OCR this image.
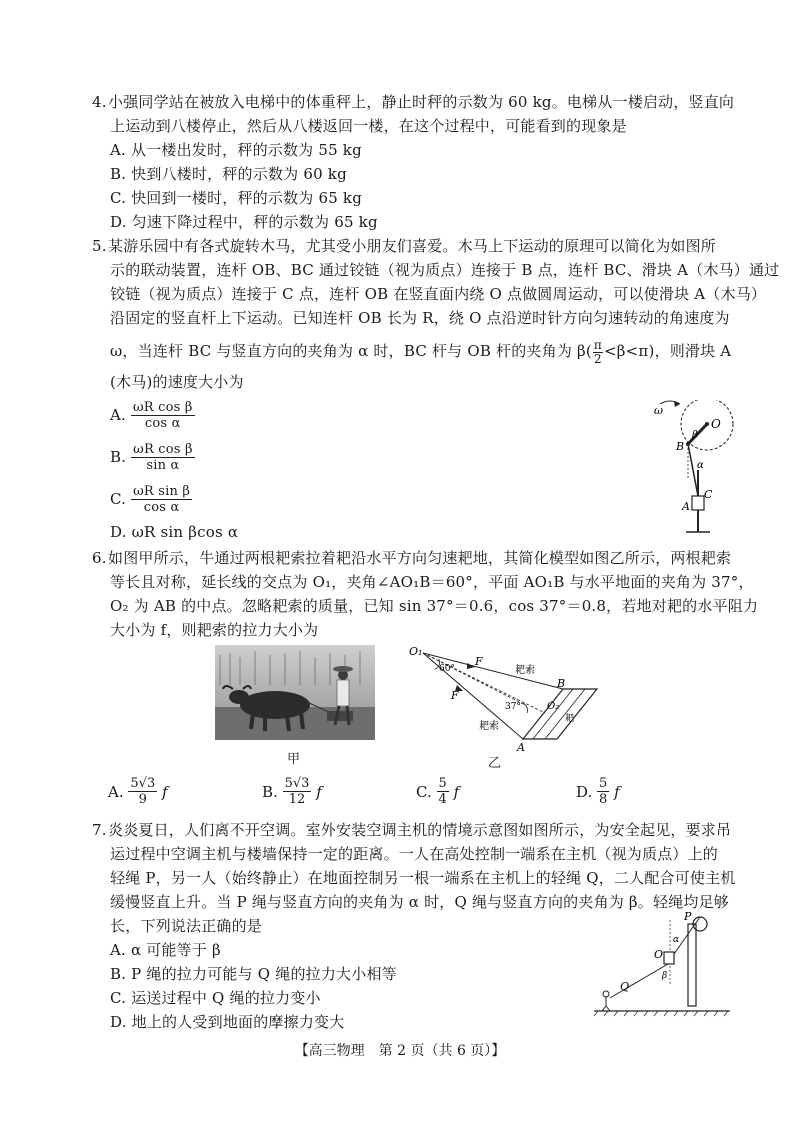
4.小强同学站在被放入电梯中的体重秤上，静止时秤的示数为 60 kg。电梯从一楼启动，竖直向
上运动到八楼停止，然后从八楼返回一楼，在这个过程中，可能看到的现象是
A. 从一楼出发时，秤的示数为 55 kg
B. 快到八楼时，秤的示数为 60 kg
C. 快回到一楼时，秤的示数为 65 kg
D. 匀速下降过程中，秤的示数为 65 kg
5.某游乐园中有各式旋转木马，尤其受小朋友们喜爱。木马上下运动的原理可以简化为如图所
示的联动装置，连杆 OB、BC 通过铰链（视为质点）连接于 B 点，连杆 BC、滑块 A（木马）通过
铰链（视为质点）连接于 C 点，连杆 OB 在竖直面内绕 O 点做圆周运动，可以使滑块 A（木马）
沿固定的竖直杆上下运动。已知连杆 OB 长为 R，绕 O 点沿逆时针方向匀速转动的角速度为
ω，当连杆 BC 与竖直方向的夹角为 α 时，BC 杆与 OB 杆的夹角为 $\beta( \frac{\pi}{2} <\beta<\pi)$，则滑块 A
(木马)的速度大小为
A. $\frac{\text{ωR cos β}}{\text{cos α}}$
B. $\frac{\text{ωR cos β}}{\text{sin α}}$
C. $\frac{\text{ωR sin β}}{\text{cos α}}$
D. ωR sin βcos α
ω
O
B
β
α
C
A
6.如图甲所示，牛通过两根耙索拉着耙沿水平方向匀速耙地，其简化模型如图乙所示，两根耙索
等长且对称，延长线的交点为 O₁，夹角∠AO₁B＝60°，平面 AO₁B 与水平地面的夹角为 37°，
O₂ 为 AB 的中点。忽略耙索的质量，已知 sin 37°＝0.6，cos 37°＝0.8，若地对耙的水平阻力
大小为 f，则耙索的拉力大小为
甲
O₁
F
F
耙索
耙索
耙
B
A
O₂
60°
37°
乙
A. $\frac{5√3}{9}$ f	B. $\frac{5√3}{12}$ f	C. $\frac{5}{4}$ f	D. $\frac{5}{8}$ f
7.炎炎夏日，人们离不开空调。室外安装空调主机的情境示意图如图所示，为安全起见，要求吊
运过程中空调主机与楼墙保持一定的距离。一人在高处控制一端系在主机（视为质点）上的
轻绳 P，另一人（始终静止）在地面控制另一根一端系在主机上的轻绳 Q，二人配合可使主机
缓慢竖直上升。当 P 绳与竖直方向的夹角为 α 时，Q 绳与竖直方向的夹角为 β。轻绳均足够
长，下列说法正确的是
A. α 可能等于 β
B. P 绳的拉力可能与 Q 绳的拉力大小相等
C. 运送过程中 Q 绳的拉力变小
D. 地上的人受到地面的摩擦力变大
P
O
Q
α
β
【高三物理　第 2 页（共 6 页）】
